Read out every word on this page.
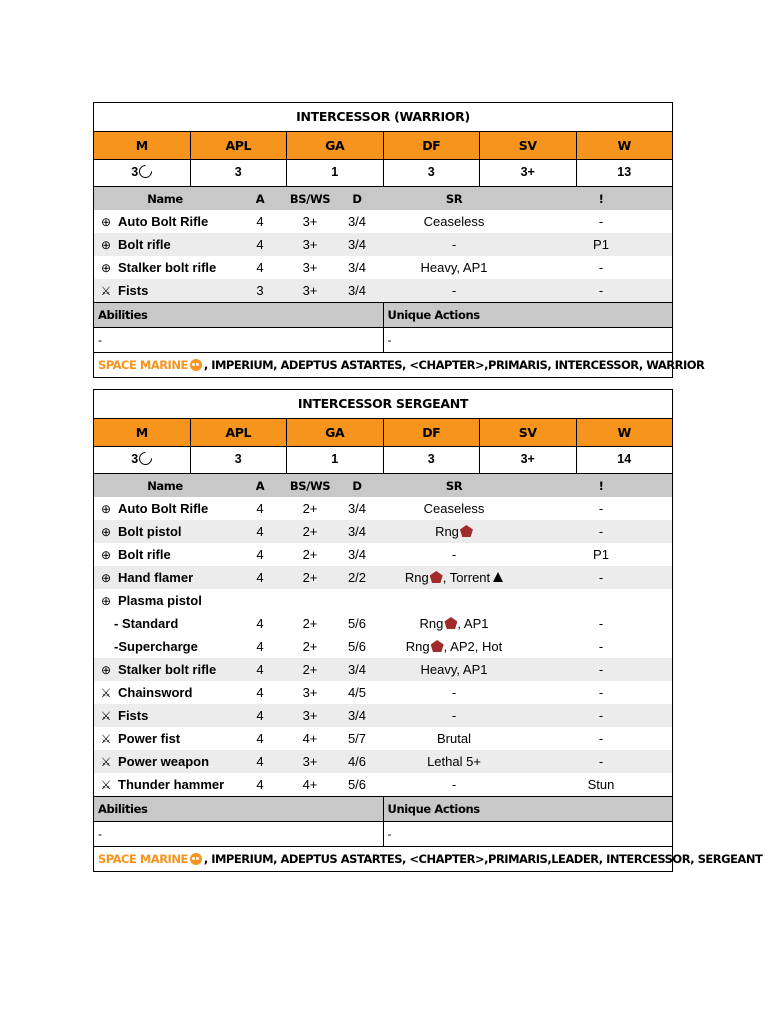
INTERCESSOR (WARRIOR)
M	APL	GA	DF	SV	W
3	3	1	3	3+	13
Name	A	BS/WS	D	SR	!
⊕ Auto Bolt Rifle	4	3+	3/4	Ceaseless	-
⊕ Bolt rifle	4	3+	3/4	-	P1
⊕ Stalker bolt rifle	4	3+	3/4	Heavy, AP1	-
⚔ Fists	3	3+	3/4	-	-
Abilities	Unique Actions
-	-
SPACE MARINE , IMPERIUM, ADEPTUS ASTARTES, <CHAPTER>,PRIMARIS, INTERCESSOR, WARRIOR
INTERCESSOR SERGEANT
M	APL	GA	DF	SV	W
3	3	1	3	3+	14
Name	A	BS/WS	D	SR	!
⊕ Auto Bolt Rifle	4	2+	3/4	Ceaseless	-
⊕ Bolt pistol	4	2+	3/4	Rng	-
⊕ Bolt rifle	4	2+	3/4	-	P1
⊕ Hand flamer	4	2+	2/2	Rng , Torrent	-
⊕ Plasma pistol					
- Standard	4	2+	5/6	Rng , AP1	-
-Supercharge	4	2+	5/6	Rng , AP2, Hot	-
⊕ Stalker bolt rifle	4	2+	3/4	Heavy, AP1	-
⚔ Chainsword	4	3+	4/5	-	-
⚔ Fists	4	3+	3/4	-	-
⚔ Power fist	4	4+	5/7	Brutal	-
⚔ Power weapon	4	3+	4/6	Lethal 5+	-
⚔ Thunder hammer	4	4+	5/6	-	Stun
Abilities	Unique Actions
-	-
SPACE MARINE , IMPERIUM, ADEPTUS ASTARTES, <CHAPTER>,PRIMARIS,LEADER, INTERCESSOR, SERGEANT
